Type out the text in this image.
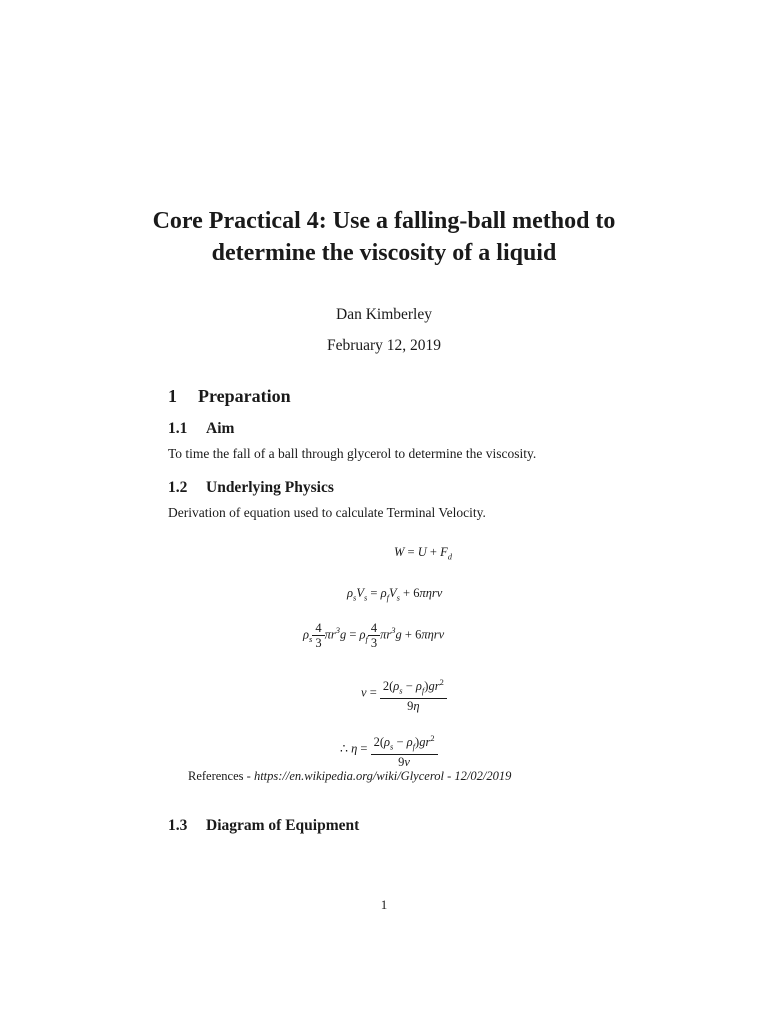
Core Practical 4: Use a falling-ball method to determine the viscosity of a liquid
Dan Kimberley
February 12, 2019
1 Preparation
1.1 Aim
To time the fall of a ball through glycerol to determine the viscosity.
1.2 Underlying Physics
Derivation of equation used to calculate Terminal Velocity.
$W = U + F_d$
$\rho_sV_s = \rho_fV_s + 6\pi\eta rv$
$\rho_s \frac{4}{3} \pi r^3g = \rho_f \frac{4}{3} \pi r^3g + 6\pi\eta rv$
$v = \frac{2(\rho_s - \rho_f)gr^2}{9\eta}$
∴ $\eta = \frac{2(\rho_s - \rho_f)gr^2}{9v}$
References - https://en.wikipedia.org/wiki/Glycerol - 12/02/2019
1.3 Diagram of Equipment
1
